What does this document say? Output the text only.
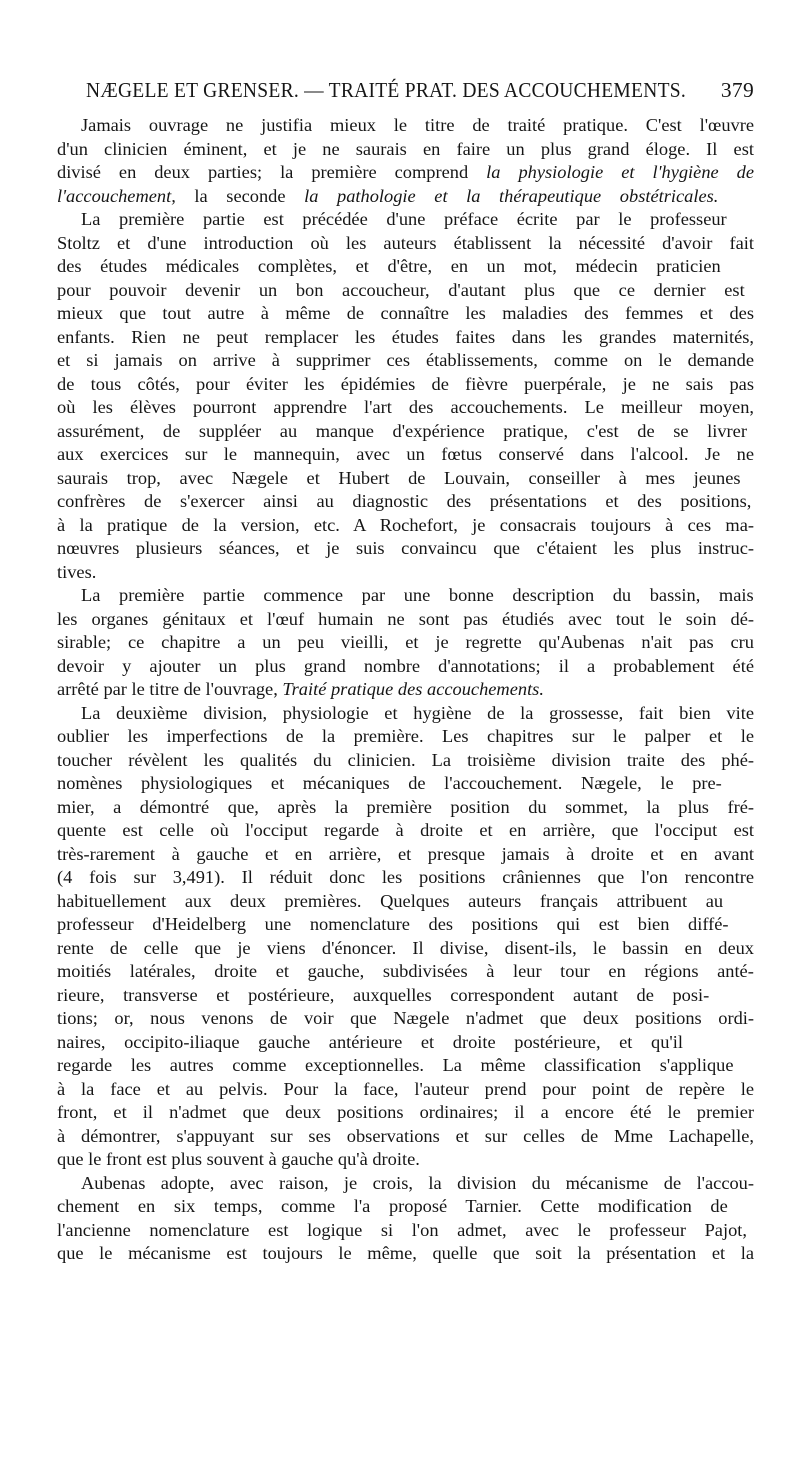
NÆGELE ET GRENSER. — TRAITÉ PRAT. DES ACCOUCHEMENTS. 379
Jamais ouvrage ne justifia mieux le titre de traité pratique. C'est l'œuvre
d'un clinicien éminent, et je ne saurais en faire un plus grand éloge. Il est
divisé en deux parties; la première comprend la physiologie et l'hygiène de
l'accouchement, la seconde la pathologie et la thérapeutique obstétricales.
La première partie est précédée d'une préface écrite par le professeur
Stoltz et d'une introduction où les auteurs établissent la nécessité d'avoir fait
des études médicales complètes, et d'être, en un mot, médecin praticien
pour pouvoir devenir un bon accoucheur, d'autant plus que ce dernier est
mieux que tout autre à même de connaître les maladies des femmes et des
enfants. Rien ne peut remplacer les études faites dans les grandes maternités,
et si jamais on arrive à supprimer ces établissements, comme on le demande
de tous côtés, pour éviter les épidémies de fièvre puerpérale, je ne sais pas
où les élèves pourront apprendre l'art des accouchements. Le meilleur moyen,
assurément, de suppléer au manque d'expérience pratique, c'est de se livrer
aux exercices sur le mannequin, avec un fœtus conservé dans l'alcool. Je ne
saurais trop, avec Nægele et Hubert de Louvain, conseiller à mes jeunes
confrères de s'exercer ainsi au diagnostic des présentations et des positions,
à la pratique de la version, etc. A Rochefort, je consacrais toujours à ces ma-
nœuvres plusieurs séances, et je suis convaincu que c'étaient les plus instruc-
tives.
La première partie commence par une bonne description du bassin, mais
les organes génitaux et l'œuf humain ne sont pas étudiés avec tout le soin dé-
sirable; ce chapitre a un peu vieilli, et je regrette qu'Aubenas n'ait pas cru
devoir y ajouter un plus grand nombre d'annotations; il a probablement été
arrêté par le titre de l'ouvrage, Traité pratique des accouchements.
La deuxième division, physiologie et hygiène de la grossesse, fait bien vite
oublier les imperfections de la première. Les chapitres sur le palper et le
toucher révèlent les qualités du clinicien. La troisième division traite des phé-
nomènes physiologiques et mécaniques de l'accouchement. Nægele, le pre-
mier, a démontré que, après la première position du sommet, la plus fré-
quente est celle où l'occiput regarde à droite et en arrière, que l'occiput est
très-rarement à gauche et en arrière, et presque jamais à droite et en avant
(4 fois sur 3,491). Il réduit donc les positions crâniennes que l'on rencontre
habituellement aux deux premières. Quelques auteurs français attribuent au
professeur d'Heidelberg une nomenclature des positions qui est bien diffé-
rente de celle que je viens d'énoncer. Il divise, disent-ils, le bassin en deux
moitiés latérales, droite et gauche, subdivisées à leur tour en régions anté-
rieure, transverse et postérieure, auxquelles correspondent autant de posi-
tions; or, nous venons de voir que Nægele n'admet que deux positions ordi-
naires, occipito-iliaque gauche antérieure et droite postérieure, et qu'il
regarde les autres comme exceptionnelles. La même classification s'applique
à la face et au pelvis. Pour la face, l'auteur prend pour point de repère le
front, et il n'admet que deux positions ordinaires; il a encore été le premier
à démontrer, s'appuyant sur ses observations et sur celles de Mme Lachapelle,
que le front est plus souvent à gauche qu'à droite.
Aubenas adopte, avec raison, je crois, la division du mécanisme de l'accou-
chement en six temps, comme l'a proposé Tarnier. Cette modification de
l'ancienne nomenclature est logique si l'on admet, avec le professeur Pajot,
que le mécanisme est toujours le même, quelle que soit la présentation et la
